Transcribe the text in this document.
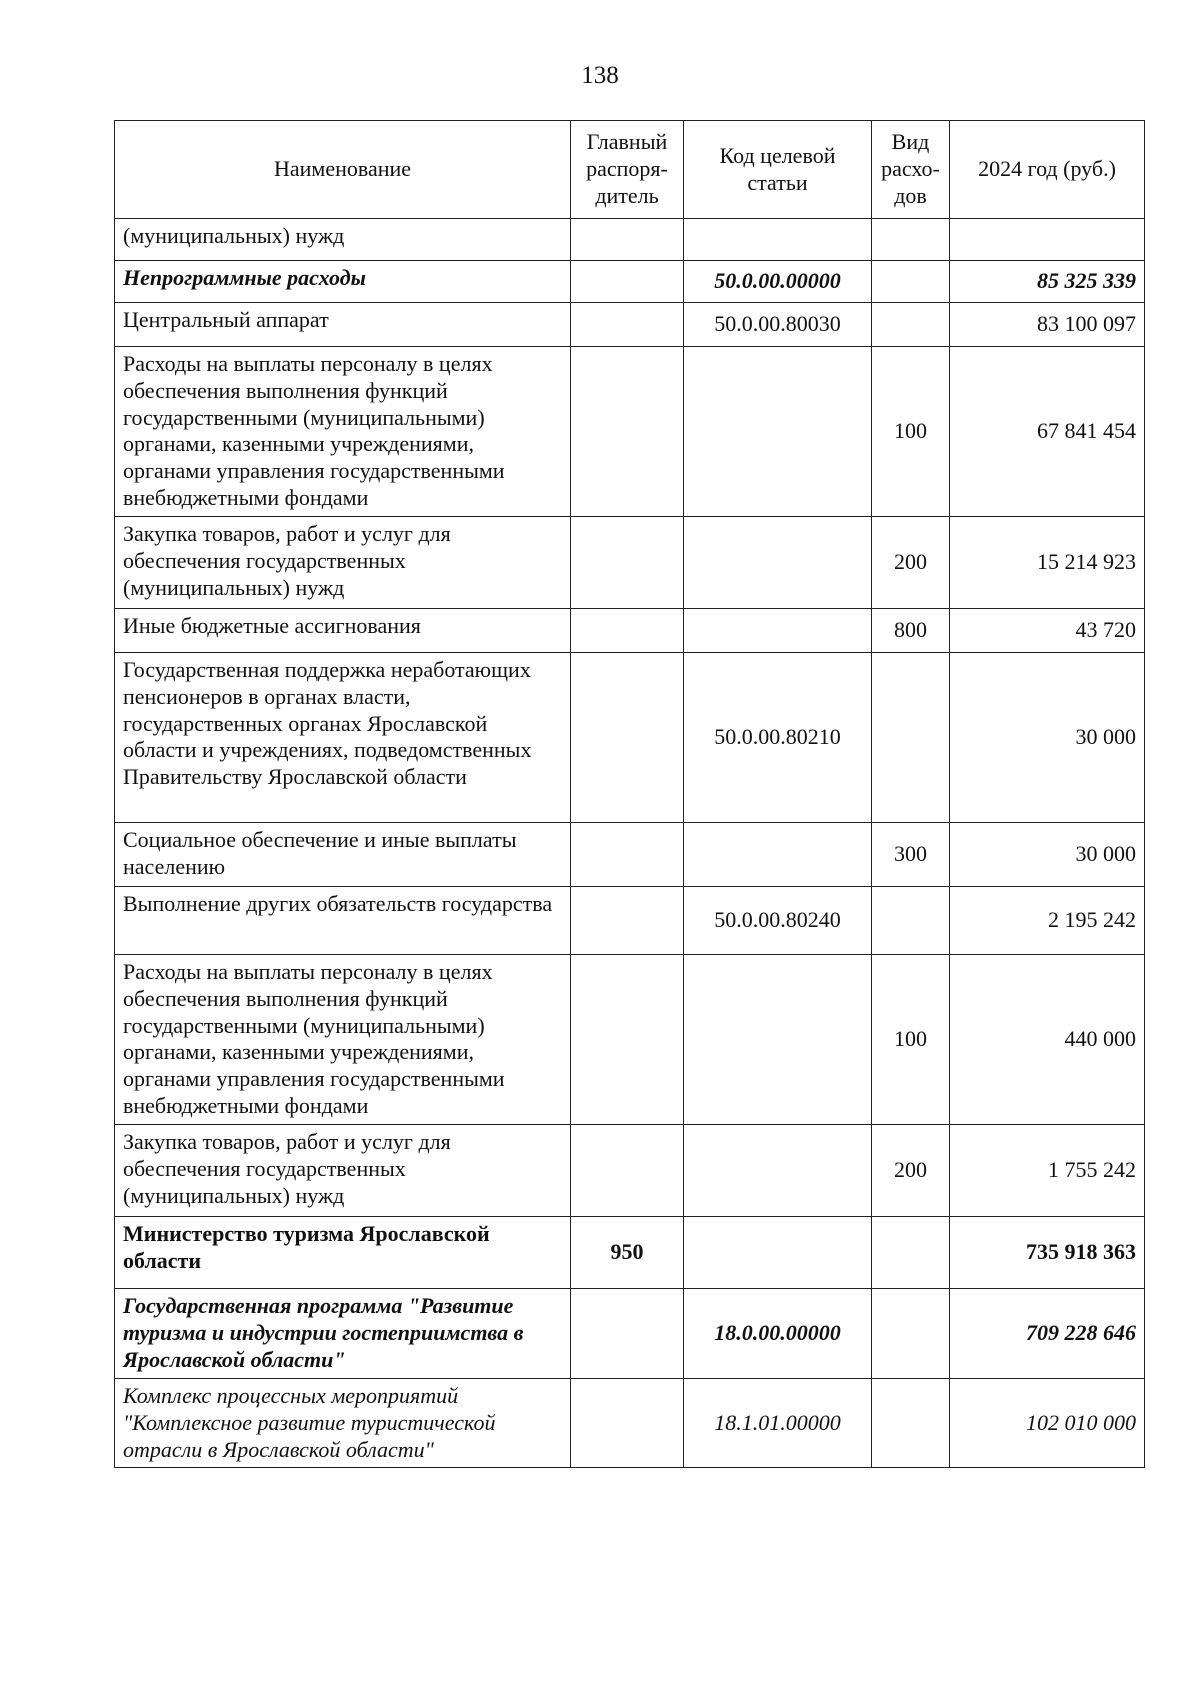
138
Наименование	Главный распоря-дитель	Код целевой статьи	Вид расхо-дов	2024 год (руб.)
(муниципальных) нужд				
Непрограммные расходы		50.0.00.00000		85 325 339
Центральный аппарат		50.0.00.80030		83 100 097
Расходы на выплаты персоналу в целях обеспечения выполнения функций государственными (муниципальными) органами, казенными учреждениями, органами управления государственными внебюджетными фондами			100	67 841 454
Закупка товаров, работ и услуг для обеспечения государственных (муниципальных) нужд			200	15 214 923
Иные бюджетные ассигнования			800	43 720
Государственная поддержка неработающих пенсионеров в органах власти, государственных органах Ярославской области и учреждениях, подведомственных Правительству Ярославской области		50.0.00.80210		30 000
Социальное обеспечение и иные выплаты населению			300	30 000
Выполнение других обязательств государства		50.0.00.80240		2 195 242
Расходы на выплаты персоналу в целях обеспечения выполнения функций государственными (муниципальными) органами, казенными учреждениями, органами управления государственными внебюджетными фондами			100	440 000
Закупка товаров, работ и услуг для обеспечения государственных (муниципальных) нужд			200	1 755 242
Министерство туризма Ярославской области	950			735 918 363
Государственная программа "Развитие туризма и индустрии гостеприимства в Ярославской области"		18.0.00.00000		709 228 646
Комплекс процессных мероприятий "Комплексное развитие туристической отрасли в Ярославской области"		18.1.01.00000		102 010 000
